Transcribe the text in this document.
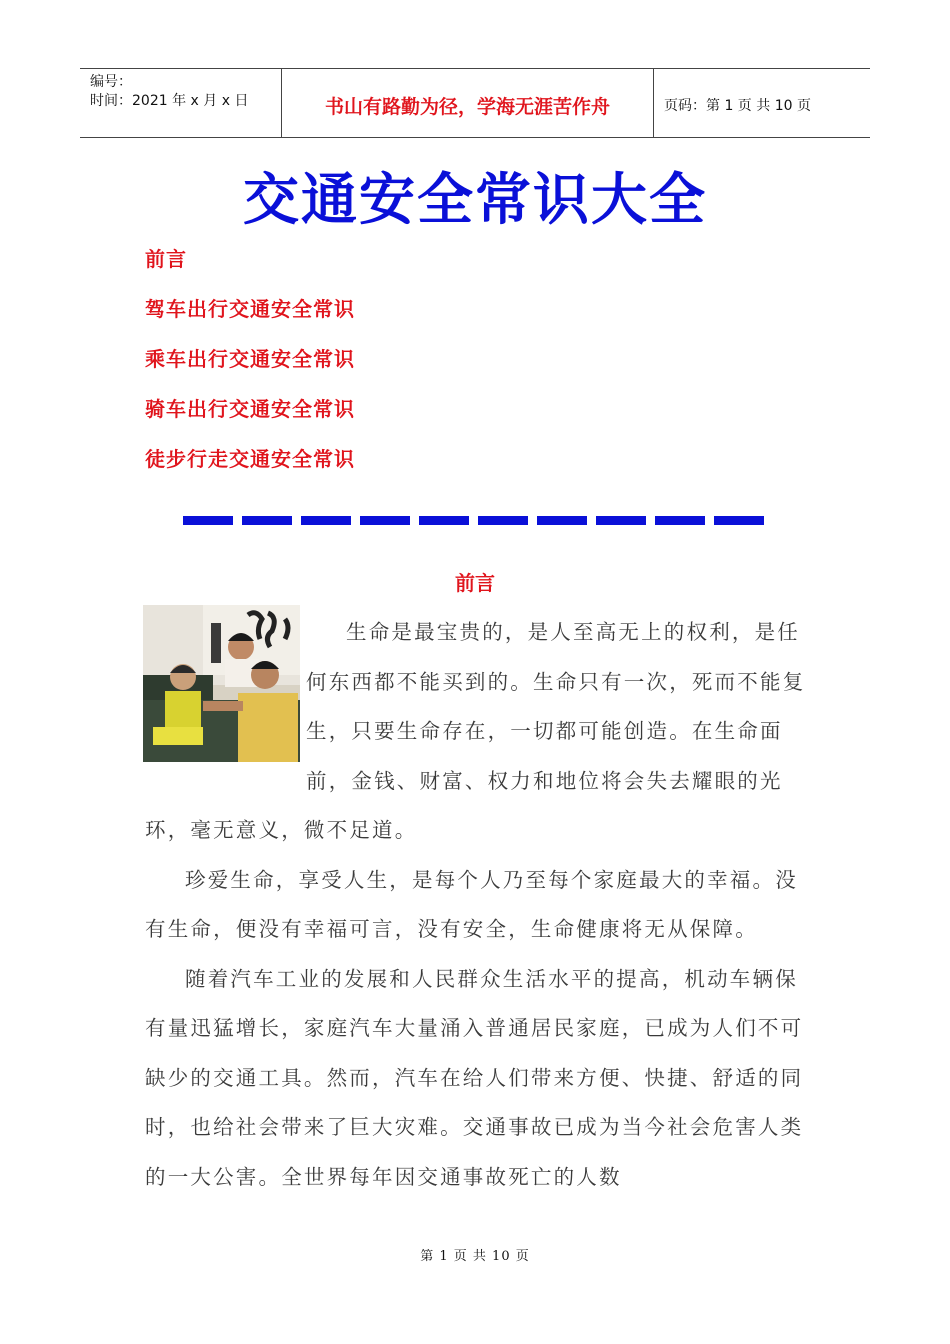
编号：
时间：2021 年 x 月 x 日	书山有路勤为径，学海无涯苦作舟	页码：第 1 页 共 10 页
交通安全常识大全
前言
驾车出行交通安全常识
乘车出行交通安全常识
骑车出行交通安全常识
徒步行走交通安全常识
前言

生命是最宝贵的，是人至高无上的权利，是任何东西都不能买到的。生命只有一次，死而不能复生，只要生命存在，一切都可能创造。在生命面前，金钱、财富、权力和地位将会失去耀眼的光环，毫无意义，微不足道。

珍爱生命，享受人生，是每个人乃至每个家庭最大的幸福。没有生命，便没有幸福可言，没有安全，生命健康将无从保障。

随着汽车工业的发展和人民群众生活水平的提高，机动车辆保有量迅猛增长，家庭汽车大量涌入普通居民家庭，已成为人们不可缺少的交通工具。然而，汽车在给人们带来方便、快捷、舒适的同时，也给社会带来了巨大灾难。交通事故已成为当今社会危害人类的一大公害。全世界每年因交通事故死亡的人数

第 1 页 共 10 页
